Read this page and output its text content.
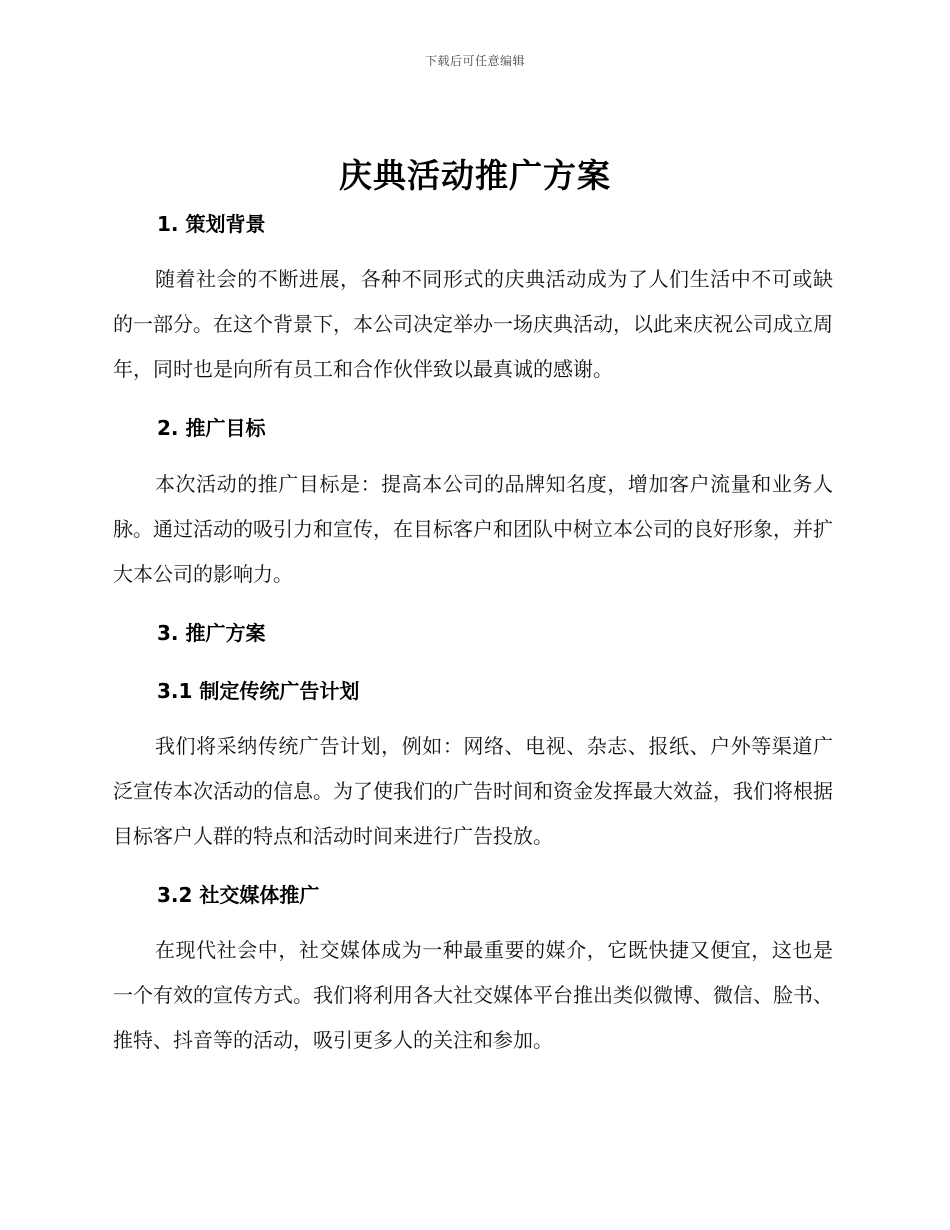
下载后可任意编辑
庆典活动推广方案
1. 策划背景

随着社会的不断进展，各种不同形式的庆典活动成为了人们生活中不可或缺的一部分。在这个背景下，本公司决定举办一场庆典活动，以此来庆祝公司成立周年，同时也是向所有员工和合作伙伴致以最真诚的感谢。

2. 推广目标

本次活动的推广目标是：提高本公司的品牌知名度，增加客户流量和业务人脉。通过活动的吸引力和宣传，在目标客户和团队中树立本公司的良好形象，并扩大本公司的影响力。

3. 推广方案
3.1 制定传统广告计划

我们将采纳传统广告计划，例如：网络、电视、杂志、报纸、户外等渠道广泛宣传本次活动的信息。为了使我们的广告时间和资金发挥最大效益，我们将根据目标客户人群的特点和活动时间来进行广告投放。

3.2 社交媒体推广

在现代社会中，社交媒体成为一种最重要的媒介，它既快捷又便宜，这也是一个有效的宣传方式。我们将利用各大社交媒体平台推出类似微博、微信、脸书、推特、抖音等的活动，吸引更多人的关注和参加。
